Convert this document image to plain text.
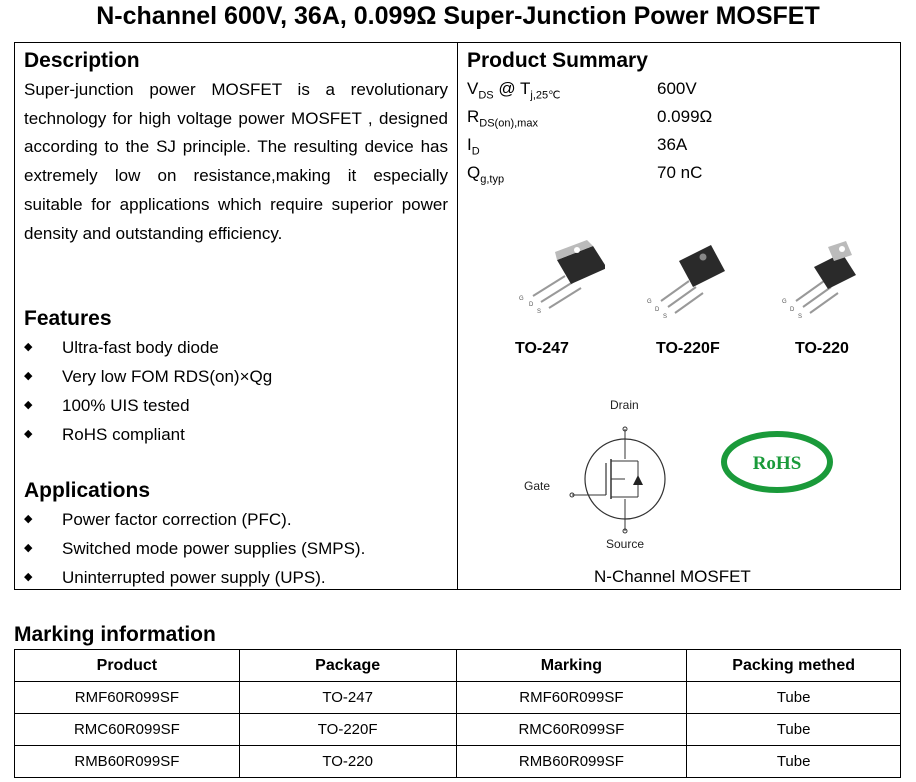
N-channel 600V, 36A, 0.099Ω Super-Junction Power MOSFET
Description
Super-junction power MOSFET is a revolutionary technology for high voltage power MOSFET , designed according to the SJ principle. The resulting device has extremely low on resistance,making it especially suitable for applications which require superior power density and outstanding efficiency.
Features
◆	Ultra-fast body diode
◆	Very low FOM RDS(on)×Qg
◆	100% UIS tested
◆	RoHS compliant
Applications
◆	Power factor correction (PFC).
◆	Switched mode power supplies (SMPS).
◆	Uninterrupted power supply (UPS).
Product Summary
$V_{DS}$ @ $T_{j,25℃}$	600V
$R_{DS(on),max}$	0.099Ω
$I_D$	36A
$Q_{g,typ}$	70 nC
G
D
S
G
D
S
G
D
S
TO-247	TO-220F	TO-220
Drain
Gate
Source
N-Channel MOSFET
RoHS
Marking information
Product	Package	Marking	Packing methed
RMF60R099SF	TO-247	RMF60R099SF	Tube
RMC60R099SF	TO-220F	RMC60R099SF	Tube
RMB60R099SF	TO-220	RMB60R099SF	Tube
